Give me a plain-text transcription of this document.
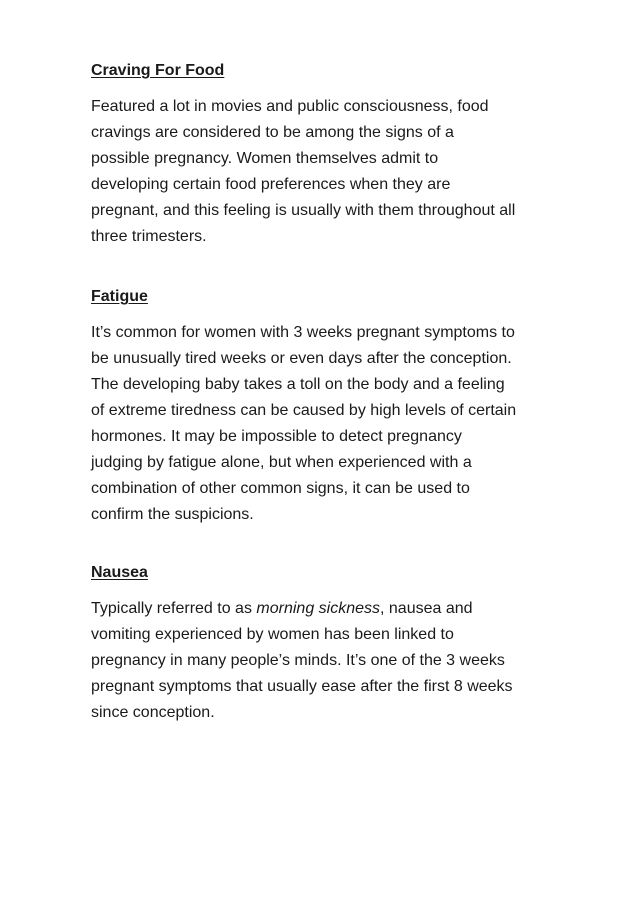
Craving For Food

Featured a lot in movies and public consciousness, food
cravings are considered to be among the signs of a
possible pregnancy. Women themselves admit to
developing certain food preferences when they are
pregnant, and this feeling is usually with them throughout all
three trimesters.

Fatigue

It’s common for women with 3 weeks pregnant symptoms to
be unusually tired weeks or even days after the conception.
The developing baby takes a toll on the body and a feeling
of extreme tiredness can be caused by high levels of certain
hormones. It may be impossible to detect pregnancy
judging by fatigue alone, but when experienced with a
combination of other common signs, it can be used to
confirm the suspicions.

Nausea

Typically referred to as morning sickness, nausea and
vomiting experienced by women has been linked to
pregnancy in many people’s minds. It’s one of the 3 weeks
pregnant symptoms that usually ease after the first 8 weeks
since conception.
